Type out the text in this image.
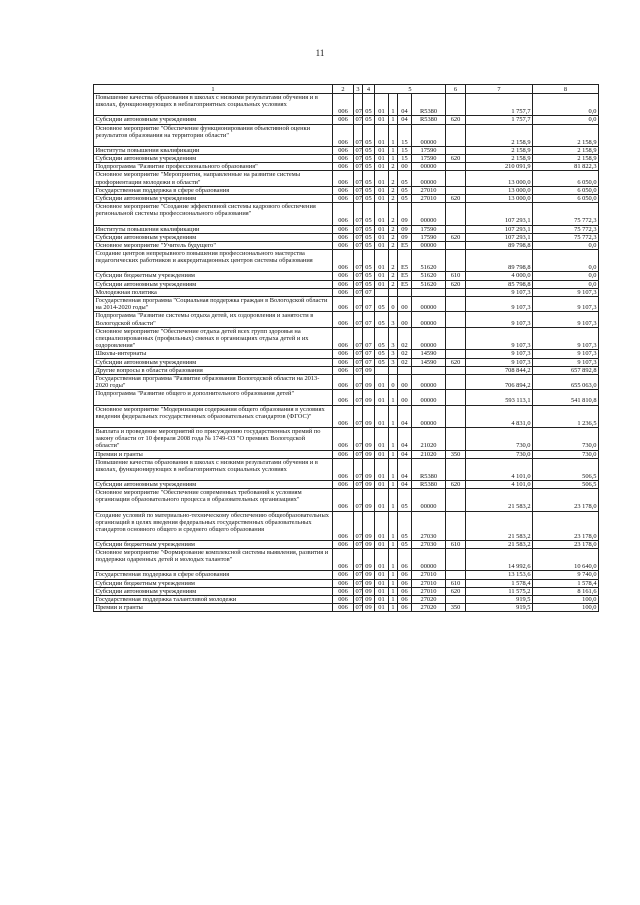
11
1	2	3	4	5				6	7	8
Повышение качества образования в школах с низкими результатами обучения и в школах, функционирующих в неблагоприятных социальных условиях	006	07	05	01	1	04	R5380		1 757,7	0,0
Субсидии автономным учреждениям	006	07	05	01	1	04	R5380	620	1 757,7	0,0
Основное мероприятие "Обеспечение функционирования объективной оценки результатов образования на территории области"	006	07	05	01	1	15	00000		2 158,9	2 158,9
Институты повышения квалификации	006	07	05	01	1	15	17590		2 158,9	2 158,9
Субсидии автономным учреждениям	006	07	05	01	1	15	17590	620	2 158,9	2 158,9
Подпрограмма "Развитие профессионального образования"	006	07	05	01	2	00	00000		210 091,9	81 822,3
Основное мероприятие "Мероприятия, направленные на развитие системы профориентации молодежи в области"	006	07	05	01	2	05	00000		13 000,0	6 050,0
Государственная поддержка в сфере образования	006	07	05	01	2	05	27010		13 000,0	6 050,0
Субсидии автономным учреждениям	006	07	05	01	2	05	27010	620	13 000,0	6 050,0
Основное мероприятие "Создание эффективной системы кадрового обеспечения региональной системы профессионального образования"	006	07	05	01	2	09	00000		107 293,1	75 772,3
Институты повышения квалификации	006	07	05	01	2	09	17590		107 293,1	75 772,3
Субсидии автономным учреждениям	006	07	05	01	2	09	17590	620	107 293,1	75 772,3
Основное мероприятие "Учитель будущего"	006	07	05	01	2	E5	00000		89 798,8	0,0
Создание центров непрерывного повышения профессионального мастерства педагогических работников и аккредитационных центров системы образования	006	07	05	01	2	E5	51620		89 798,8	0,0
Субсидии бюджетным учреждениям	006	07	05	01	2	E5	51620	610	4 000,0	0,0
Субсидии автономным учреждениям	006	07	05	01	2	E5	51620	620	85 798,8	0,0
Молодежная политика	006	07	07						9 107,3	9 107,3
Государственная программа "Социальная поддержка граждан в Вологодской области на 2014-2020 годы"	006	07	07	05	0	00	00000		9 107,3	9 107,3
Подпрограмма "Развитие системы отдыха детей, их оздоровления и занятости в Вологодской области"	006	07	07	05	3	00	00000		9 107,3	9 107,3
Основное мероприятие "Обеспечение отдыха детей всех групп здоровья на специализированных (профильных) сменах в организациях отдыха детей и их оздоровления"	006	07	07	05	3	02	00000		9 107,3	9 107,3
Школы-интернаты	006	07	07	05	3	02	14590		9 107,3	9 107,3
Субсидии автономным учреждениям	006	07	07	05	3	02	14590	620	9 107,3	9 107,3
Другие вопросы в области образования	006	07	09						708 844,2	657 892,8
Государственная программа "Развитие образования Вологодской области на 2013-2020 годы"	006	07	09	01	0	00	00000		706 894,2	655 063,0
Подпрограмма "Развитие общего и дополнительного образования детей"	006	07	09	01	1	00	00000		593 113,1	541 810,8
Основное мероприятие "Модернизация содержания общего образования в условиях введения федеральных государственных образовательных стандартов (ФГОС)"	006	07	09	01	1	04	00000		4 831,0	1 236,5
Выплата и проведение мероприятий по присуждению государственных премий по закону области от 10 февраля 2008 года № 1749-ОЗ "О премиях Вологодской области"	006	07	09	01	1	04	21020		730,0	730,0
Премии и гранты	006	07	09	01	1	04	21020	350	730,0	730,0
Повышение качества образования в школах с низкими результатами обучения и в школах, функционирующих в неблагоприятных социальных условиях	006	07	09	01	1	04	R5380		4 101,0	506,5
Субсидии автономным учреждениям	006	07	09	01	1	04	R5380	620	4 101,0	506,5
Основное мероприятие "Обеспечение современных требований к условиям организации образовательного процесса в образовательных организациях"	006	07	09	01	1	05	00000		21 583,2	23 178,0
Создание условий по материально-техническому обеспечению общеобразовательных организаций в целях введения федеральных государственных образовательных стандартов основного общего и среднего общего образования	006	07	09	01	1	05	27030		21 583,2	23 178,0
Субсидии бюджетным учреждениям	006	07	09	01	1	05	27030	610	21 583,2	23 178,0
Основное мероприятие "Формирование комплексной системы выявления, развития и поддержки одаренных детей и молодых талантов"	006	07	09	01	1	06	00000		14 992,6	10 640,0
Государственная поддержка в сфере образования	006	07	09	01	1	06	27010		13 153,6	9 740,0
Субсидии бюджетным учреждениям	006	07	09	01	1	06	27010	610	1 578,4	1 578,4
Субсидии автономным учреждениям	006	07	09	01	1	06	27010	620	11 575,2	8 161,6
Государственная поддержка талантливой молодежи	006	07	09	01	1	06	27020		919,5	100,0
Премии и гранты	006	07	09	01	1	06	27020	350	919,5	100,0
